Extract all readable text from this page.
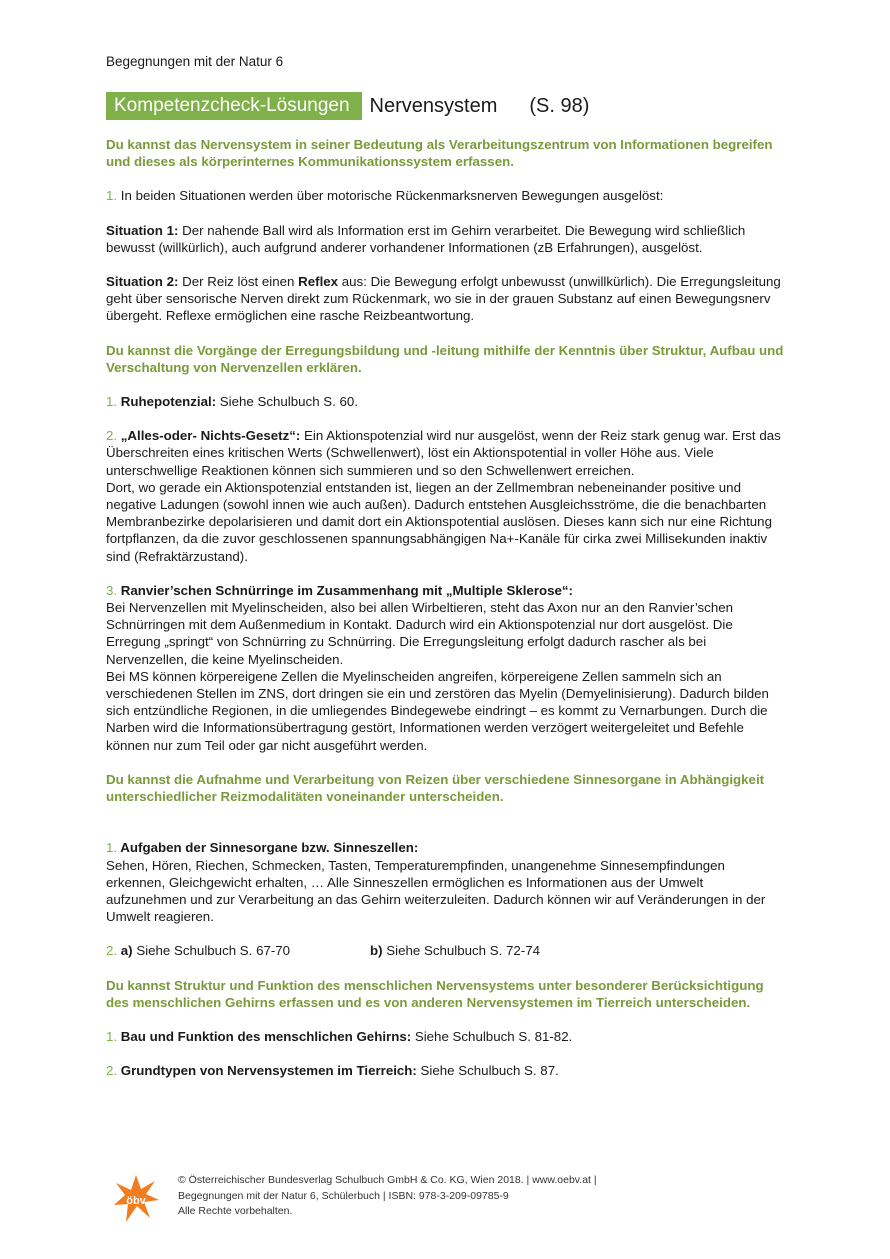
Begegnungen mit der Natur 6
Kompetenzcheck-Lösungen	Nervensystem (S. 98)

Du kannst das Nervensystem in seiner Bedeutung als Verarbeitungszentrum von Informationen begreifen und dieses als körperinternes Kommunikationssystem erfassen.

1. In beiden Situationen werden über motorische Rückenmarksnerven Bewegungen ausgelöst:

Situation 1: Der nahende Ball wird als Information erst im Gehirn verarbeitet. Die Bewegung wird schließlich bewusst (willkürlich), auch aufgrund anderer vorhandener Informationen (zB Erfahrungen), ausgelöst.

Situation 2: Der Reiz löst einen Reflex aus: Die Bewegung erfolgt unbewusst (unwillkürlich). Die Erregungsleitung geht über sensorische Nerven direkt zum Rückenmark, wo sie in der grauen Substanz auf einen Bewegungsnerv übergeht. Reflexe ermöglichen eine rasche Reizbeantwortung.

Du kannst die Vorgänge der Erregungsbildung und -leitung mithilfe der Kenntnis über Struktur, Aufbau und Verschaltung von Nervenzellen erklären.

1. Ruhepotenzial: Siehe Schulbuch S. 60.

2. „Alles-oder- Nichts-Gesetz“: Ein Aktionspotenzial wird nur ausgelöst, wenn der Reiz stark genug war. Erst das Überschreiten eines kritischen Werts (Schwellenwert), löst ein Aktionspotential in voller Höhe aus. Viele unterschwellige Reaktionen können sich summieren und so den Schwellenwert erreichen.

Dort, wo gerade ein Aktionspotenzial entstanden ist, liegen an der Zellmembran nebeneinander positive und negative Ladungen (sowohl innen wie auch außen). Dadurch entstehen Ausgleichsströme, die die benachbarten Membranbezirke depolarisieren und damit dort ein Aktionspotential auslösen. Dieses kann sich nur eine Richtung fortpflanzen, da die zuvor geschlossenen spannungsabhängigen Na+-Kanäle für cirka zwei Millisekunden inaktiv sind (Refraktärzustand).

3. Ranvier’schen Schnürringe im Zusammenhang mit „Multiple Sklerose“:

Bei Nervenzellen mit Myelinscheiden, also bei allen Wirbeltieren, steht das Axon nur an den Ranvier’schen Schnürringen mit dem Außenmedium in Kontakt. Dadurch wird ein Aktionspotenzial nur dort ausgelöst. Die Erregung „springt“ von Schnürring zu Schnürring. Die Erregungsleitung erfolgt dadurch rascher als bei Nervenzellen, die keine Myelinscheiden.

Bei MS können körpereigene Zellen die Myelinscheiden angreifen, körpereigene Zellen sammeln sich an verschiedenen Stellen im ZNS, dort dringen sie ein und zerstören das Myelin (Demyelinisierung). Dadurch bilden sich entzündliche Regionen, in die umliegendes Bindegewebe eindringt – es kommt zu Vernarbungen. Durch die Narben wird die Informationsübertragung gestört, Informationen werden verzögert weitergeleitet und Befehle können nur zum Teil oder gar nicht ausgeführt werden.

Du kannst die Aufnahme und Verarbeitung von Reizen über verschiedene Sinnesorgane in Abhängigkeit unterschiedlicher Reizmodalitäten voneinander unterscheiden.

1. Aufgaben der Sinnesorgane bzw. Sinneszellen:

Sehen, Hören, Riechen, Schmecken, Tasten, Temperaturempfinden, unangenehme Sinnesempfindungen erkennen, Gleichgewicht erhalten, … Alle Sinneszellen ermöglichen es Informationen aus der Umwelt aufzunehmen und zur Verarbeitung an das Gehirn weiterzuleiten. Dadurch können wir auf Veränderungen in der Umwelt reagieren.

2. a) Siehe Schulbuch S. 67-70	b) Siehe Schulbuch S. 72-74

Du kannst Struktur und Funktion des menschlichen Nervensystems unter besonderer Berücksichtigung des menschlichen Gehirns erfassen und es von anderen Nervensystemen im Tierreich unterscheiden.

1. Bau und Funktion des menschlichen Gehirns: Siehe Schulbuch S. 81-82.

2. Grundtypen von Nervensystemen im Tierreich: Siehe Schulbuch S. 87.

öbv
© Österreichischer Bundesverlag Schulbuch GmbH & Co. KG, Wien 2018. | www.oebv.at |
Begegnungen mit der Natur 6, Schülerbuch | ISBN: 978-3-209-09785-9
Alle Rechte vorbehalten.
